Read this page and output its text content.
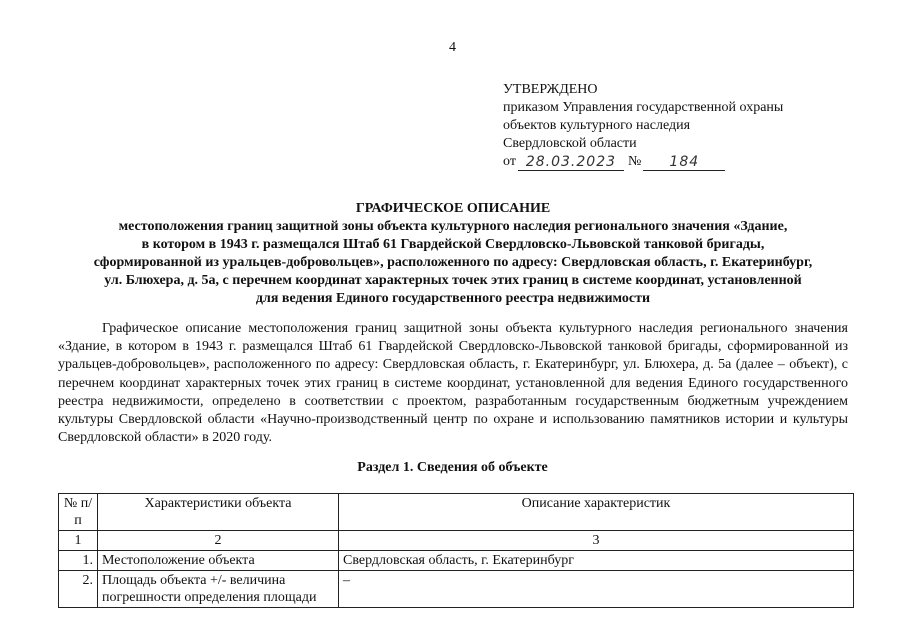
4
УТВЕРЖДЕНО
приказом Управления государственной охраны
объектов культурного наследия
Свердловской области
от 28.03.2023 №	184
ГРАФИЧЕСКОЕ ОПИСАНИЕ
местоположения границ защитной зоны объекта культурного наследия регионального значения «Здание,
в котором в 1943 г. размещался Штаб 61 Гвардейской Свердловско-Львовской танковой бригады,
сформированной из уральцев-добровольцев», расположенного по адресу: Свердловская область, г. Екатеринбург,
ул. Блюхера, д. 5а, с перечнем координат характерных точек этих границ в системе координат, установленной
для ведения Единого государственного реестра недвижимости
Графическое описание местоположения границ защитной зоны объекта культурного наследия регионального значения «Здание, в котором в 1943 г. размещался Штаб 61 Гвардейской Свердловско-Львовской танковой бригады, сформированной из уральцев-добровольцев», расположенного по адресу: Свердловская область, г. Екатеринбург, ул. Блюхера, д. 5а (далее – объект), с перечнем координат характерных точек этих границ в системе координат, установленной для ведения Единого государственного реестра недвижимости, определено в соответствии с проектом, разработанным государственным бюджетным учреждением культуры Свердловской области «Научно-производственный центр по охране и использованию памятников истории и культуры Свердловской области» в 2020 году.
Раздел 1. Сведения об объекте
№ п/п	Характеристики объекта	Описание характеристик
1	2	3
1.	Местоположение объекта	Свердловская область, г. Екатеринбург
2.	Площадь объекта +/- величина погрешности определения площади	–
